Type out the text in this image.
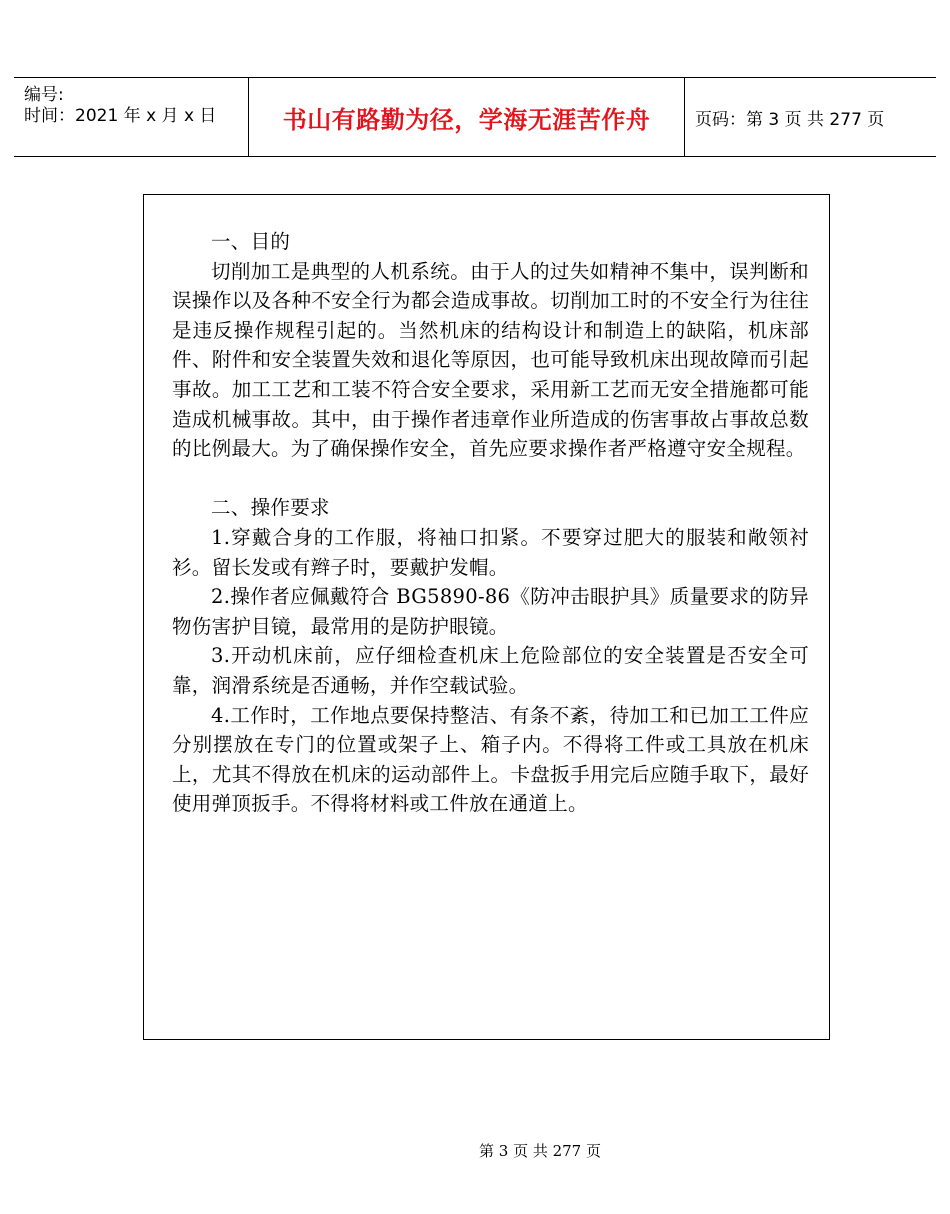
编号:
时间：2021 年 x 月 x 日	书山有路勤为径，学海无涯苦作舟	页码：第 3 页 共 277 页

一、目的

切削加工是典型的人机系统。由于人的过失如精神不集中，误判断和误操作以及各种不安全行为都会造成事故。切削加工时的不安全行为往往是违反操作规程引起的。当然机床的结构设计和制造上的缺陷，机床部件、附件和安全装置失效和退化等原因，也可能导致机床出现故障而引起事故。加工工艺和工装不符合安全要求，采用新工艺而无安全措施都可能造成机械事故。其中，由于操作者违章作业所造成的伤害事故占事故总数的比例最大。为了确保操作安全，首先应要求操作者严格遵守安全规程。

二、操作要求

1.穿戴合身的工作服，将袖口扣紧。不要穿过肥大的服装和敞领衬衫。留长发或有辫子时，要戴护发帽。

2.操作者应佩戴符合 BG5890-86《防冲击眼护具》质量要求的防异物伤害护目镜，最常用的是防护眼镜。

3.开动机床前，应仔细检查机床上危险部位的安全装置是否安全可靠，润滑系统是否通畅，并作空载试验。

4.工作时，工作地点要保持整洁、有条不紊，待加工和已加工工件应分别摆放在专门的位置或架子上、箱子内。不得将工件或工具放在机床上，尤其不得放在机床的运动部件上。卡盘扳手用完后应随手取下，最好使用弹顶扳手。不得将材料或工件放在通道上。

第 3 页 共 277 页
